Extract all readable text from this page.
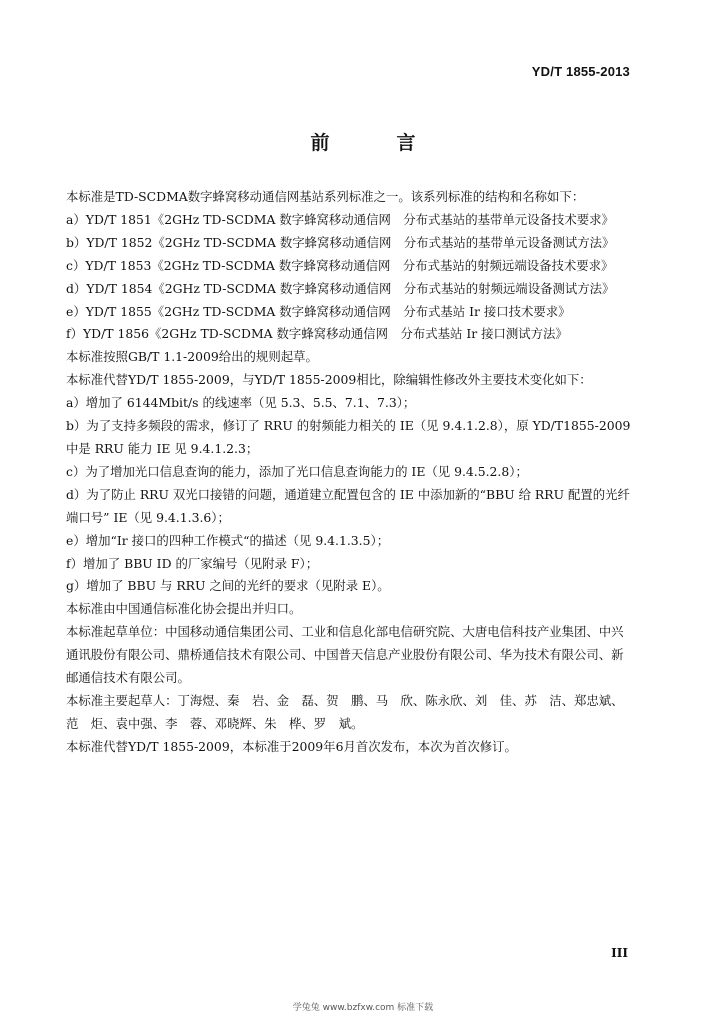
YD/T 1855-2013
前　言

本标准是TD-SCDMA数字蜂窝移动通信网基站系列标准之一。该系列标准的结构和名称如下：

a）YD/T 1851《2GHz TD-SCDMA 数字蜂窝移动通信网　分布式基站的基带单元设备技术要求》

b）YD/T 1852《2GHz TD-SCDMA 数字蜂窝移动通信网　分布式基站的基带单元设备测试方法》

c）YD/T 1853《2GHz TD-SCDMA 数字蜂窝移动通信网　分布式基站的射频远端设备技术要求》

d）YD/T 1854《2GHz TD-SCDMA 数字蜂窝移动通信网　分布式基站的射频远端设备测试方法》

e）YD/T 1855《2GHz TD-SCDMA 数字蜂窝移动通信网　分布式基站 Ir 接口技术要求》

f）YD/T 1856《2GHz TD-SCDMA 数字蜂窝移动通信网　分布式基站 Ir 接口测试方法》

本标准按照GB/T 1.1-2009给出的规则起草。

本标准代替YD/T 1855-2009，与YD/T 1855-2009相比，除编辑性修改外主要技术变化如下：

a）增加了 6144Mbit/s 的线速率（见 5.3、5.5、7.1、7.3）；

b）为了支持多频段的需求，修订了 RRU 的射频能力相关的 IE（见 9.4.1.2.8），原 YD/T1855-2009 中是 RRU 能力 IE 见 9.4.1.2.3；

c）为了增加光口信息查询的能力，添加了光口信息查询能力的 IE（见 9.4.5.2.8）；

d）为了防止 RRU 双光口接错的问题，通道建立配置包含的 IE 中添加新的“BBU 给 RRU 配置的光纤端口号” IE（见 9.4.1.3.6）；

e）增加“Ir 接口的四种工作模式“的描述（见 9.4.1.3.5）；

f）增加了 BBU ID 的厂家编号（见附录 F）；

g）增加了 BBU 与 RRU 之间的光纤的要求（见附录 E）。

本标准由中国通信标准化协会提出并归口。

本标准起草单位：中国移动通信集团公司、工业和信息化部电信研究院、大唐电信科技产业集团、中兴通讯股份有限公司、鼎桥通信技术有限公司、中国普天信息产业股份有限公司、华为技术有限公司、新邮通信技术有限公司。

本标准主要起草人：丁海煜、秦　岩、金　磊、贺　鹏、马　欣、陈永欣、刘　佳、苏　洁、郑忠斌、范　炬、袁中强、李　蓉、邓晓辉、朱　桦、罗　斌。

本标准代替YD/T 1855-2009，本标准于2009年6月首次发布，本次为首次修订。

III
学兔兔 www.bzfxw.com 标准下载
